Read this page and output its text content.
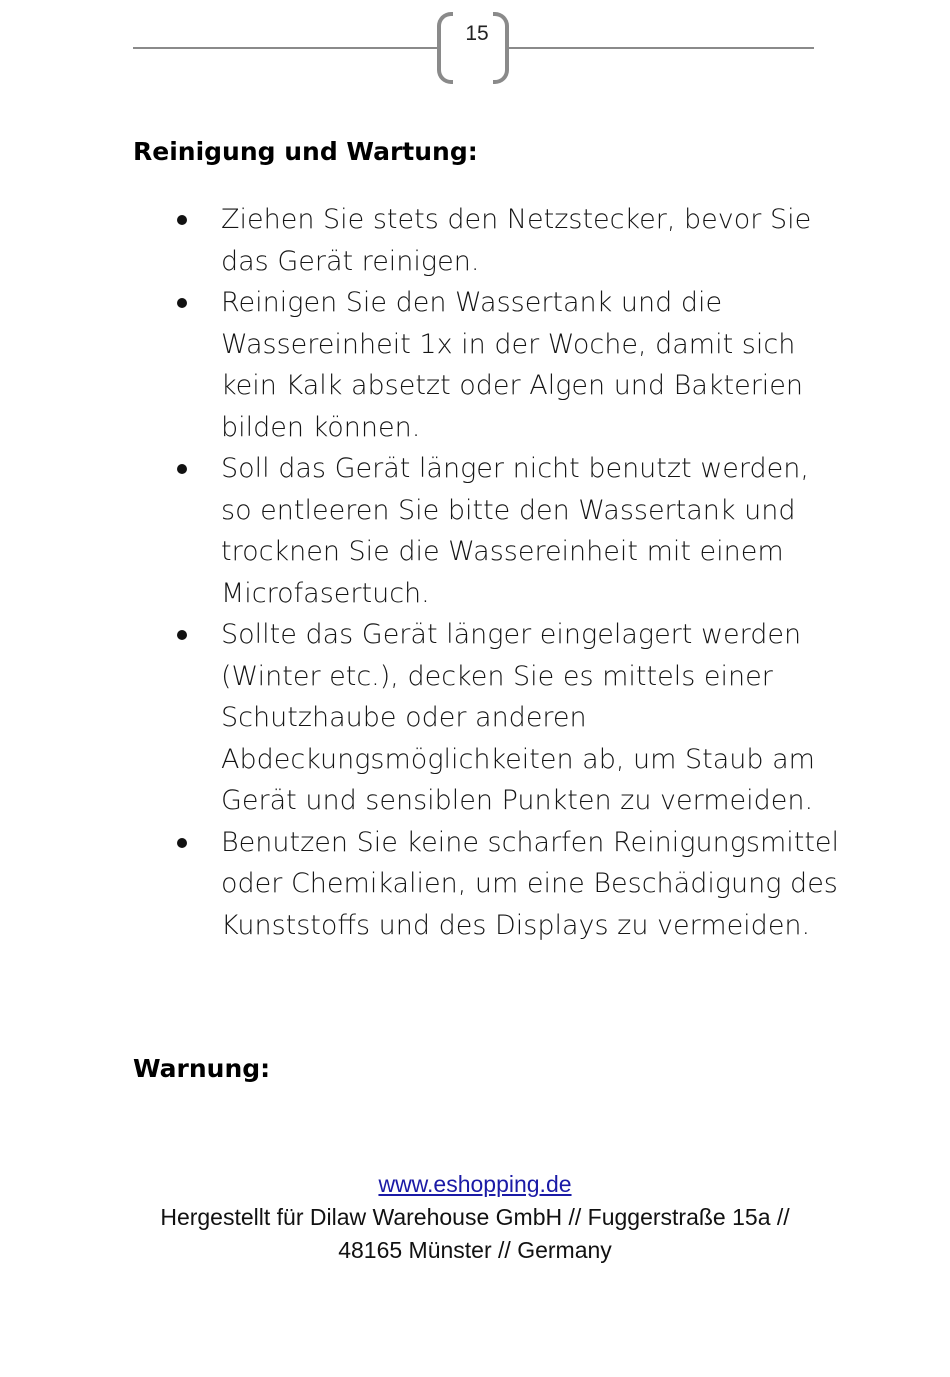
15
Reinigung und Wartung:
Ziehen Sie stets den Netzstecker, bevor Sie das Gerät reinigen.
Reinigen Sie den Wassertank und die Wassereinheit 1x in der Woche, damit sich kein Kalk absetzt oder Algen und Bakterien bilden können.
Soll das Gerät länger nicht benutzt werden, so entleeren Sie bitte den Wassertank und trocknen Sie die Wassereinheit mit einem Microfasertuch.
Sollte das Gerät länger eingelagert werden (Winter etc.), decken Sie es mittels einer Schutzhaube oder anderen Abdeckungsmöglichkeiten ab, um Staub am Gerät und sensiblen Punkten zu vermeiden.
Benutzen Sie keine scharfen Reinigungsmittel oder Chemikalien, um eine Beschädigung des Kunststoffs und des Displays zu vermeiden.
Warnung:
www.eshopping.de
Hergestellt für Dilaw Warehouse GmbH // Fuggerstraße 15a // 48165 Münster // Germany
